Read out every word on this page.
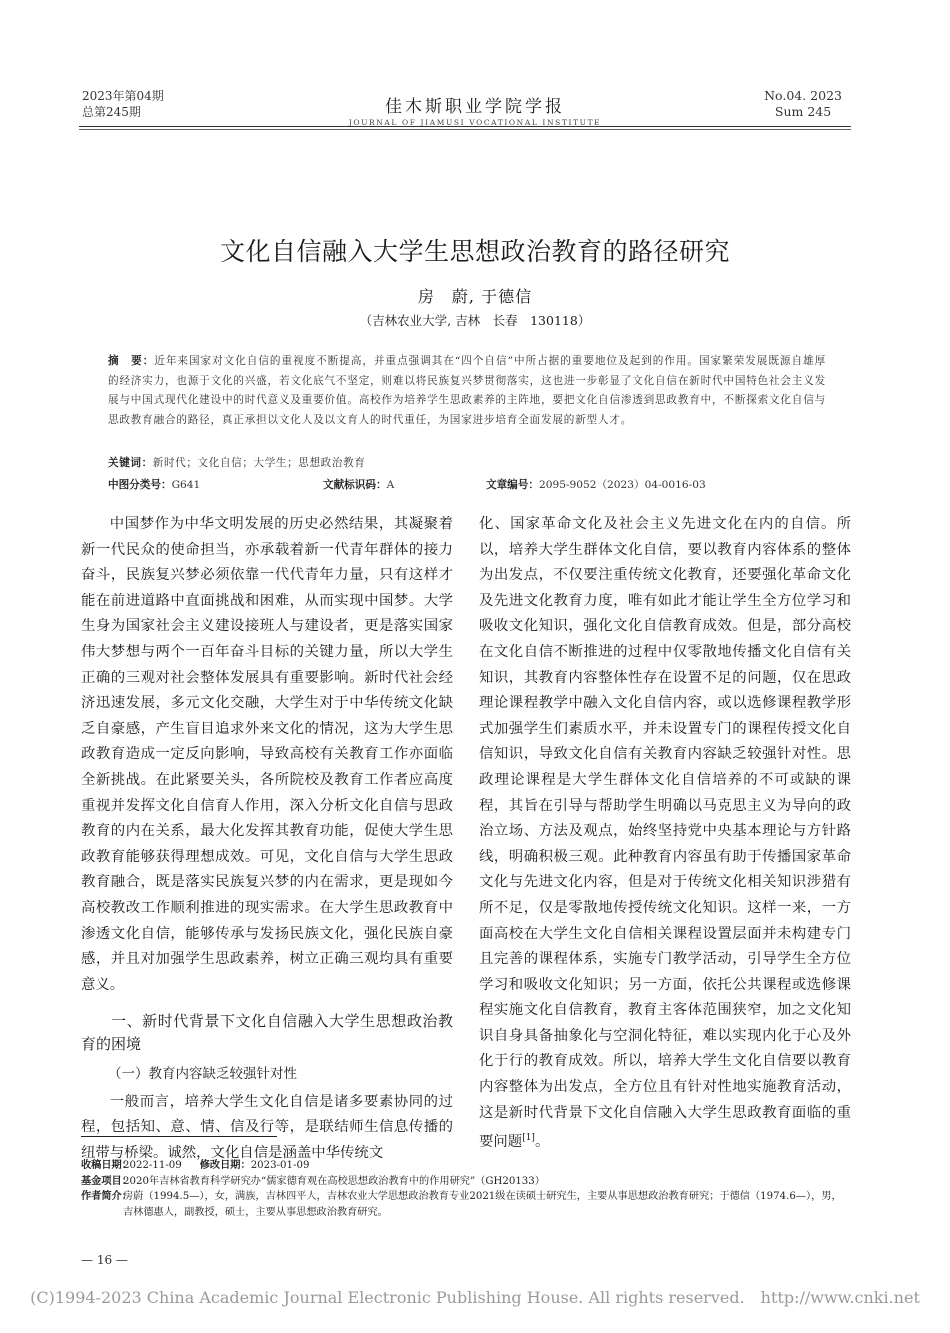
2023年第04期
总第245期	佳木斯职业学院学报
JOURNAL OF JIAMUSI VOCATIONAL INSTITUTE
No.04. 2023
Sum 245
文化自信融入大学生思想政治教育的路径研究
房　蔚, 于德信
（吉林农业大学, 吉林　长春　130118）
摘　要：近年来国家对文化自信的重视度不断提高，并重点强调其在“四个自信”中所占据的重要地位及起到的作用。国家繁荣发展既源自雄厚的经济实力，也源于文化的兴盛，若文化底气不坚定，则难以将民族复兴梦贯彻落实，这也进一步彰显了文化自信在新时代中国特色社会主义发展与中国式现代化建设中的时代意义及重要价值。高校作为培养学生思政素养的主阵地，要把文化自信渗透到思政教育中，不断探索文化自信与思政教育融合的路径，真正承担以文化人及以文育人的时代重任，为国家进步培育全面发展的新型人才。
关键词：新时代；文化自信；大学生；思想政治教育
中图分类号：G641	文献标识码：A	文章编号：2095-9052（2023）04-0016-03

中国梦作为中华文明发展的历史必然结果，其凝聚着新一代民众的使命担当，亦承载着新一代青年群体的接力奋斗，民族复兴梦必须依靠一代代青年力量，只有这样才能在前进道路中直面挑战和困难，从而实现中国梦。大学生身为国家社会主义建设接班人与建设者，更是落实国家伟大梦想与两个一百年奋斗目标的关键力量，所以大学生正确的三观对社会整体发展具有重要影响。新时代社会经济迅速发展，多元文化交融，大学生对于中华传统文化缺乏自豪感，产生盲目追求外来文化的情况，这为大学生思政教育造成一定反向影响，导致高校有关教育工作亦面临全新挑战。在此紧要关头，各所院校及教育工作者应高度重视并发挥文化自信育人作用，深入分析文化自信与思政教育的内在关系，最大化发挥其教育功能，促使大学生思政教育能够获得理想成效。可见，文化自信与大学生思政教育融合，既是落实民族复兴梦的内在需求，更是现如今高校教改工作顺利推进的现实需求。在大学生思政教育中渗透文化自信，能够传承与发扬民族文化，强化民族自豪感，并且对加强学生思政素养，树立正确三观均具有重要意义。

一、新时代背景下文化自信融入大学生思想政治教育的困境
（一）教育内容缺乏较强针对性

一般而言，培养大学生文化自信是诸多要素协同的过程，包括知、意、情、信及行等，是联结师生信息传播的纽带与桥梁。诚然，文化自信是涵盖中华传统文

化、国家革命文化及社会主义先进文化在内的自信。所以，培养大学生群体文化自信，要以教育内容体系的整体为出发点，不仅要注重传统文化教育，还要强化革命文化及先进文化教育力度，唯有如此才能让学生全方位学习和吸收文化知识，强化文化自信教育成效。但是，部分高校在文化自信不断推进的过程中仅零散地传播文化自信有关知识，其教育内容整体性存在设置不足的问题，仅在思政理论课程教学中融入文化自信内容，或以选修课程教学形式加强学生们素质水平，并未设置专门的课程传授文化自信知识，导致文化自信有关教育内容缺乏较强针对性。思政理论课程是大学生群体文化自信培养的不可或缺的课程，其旨在引导与帮助学生明确以马克思主义为导向的政治立场、方法及观点，始终坚持党中央基本理论与方针路线，明确积极三观。此种教育内容虽有助于传播国家革命文化与先进文化内容，但是对于传统文化相关知识涉猎有所不足，仅是零散地传授传统文化知识。这样一来，一方面高校在大学生文化自信相关课程设置层面并未构建专门且完善的课程体系，实施专门教学活动，引导学生全方位学习和吸收文化知识；另一方面，依托公共课程或选修课程实施文化自信教育，教育主客体范围狭窄，加之文化知识自身具备抽象化与空洞化特征，难以实现内化于心及外化于行的教育成效。所以，培养大学生文化自信要以教育内容整体为出发点，全方位且有针对性地实施教育活动，这是新时代背景下文化自信融入大学生思政教育面临的重要问题[1]。

收稿日期：
2022-11-09 修改日期：2023-01-09
基金项目：
2020年吉林省教育科学研究办“儒家德育观在高校思想政治教育中的作用研究”（GH20133）
作者简介：
房蔚（1994.5—），女，满族，吉林四平人，吉林农业大学思想政治教育专业2021级在读硕士研究生，主要从事思想政治教育研究；于德信（1974.6—），男，吉林德惠人，副教授，硕士，主要从事思想政治教育研究。
— 16 —
(C)1994-2023 China Academic Journal Electronic Publishing House. All rights reserved.　http://www.cnki.net
